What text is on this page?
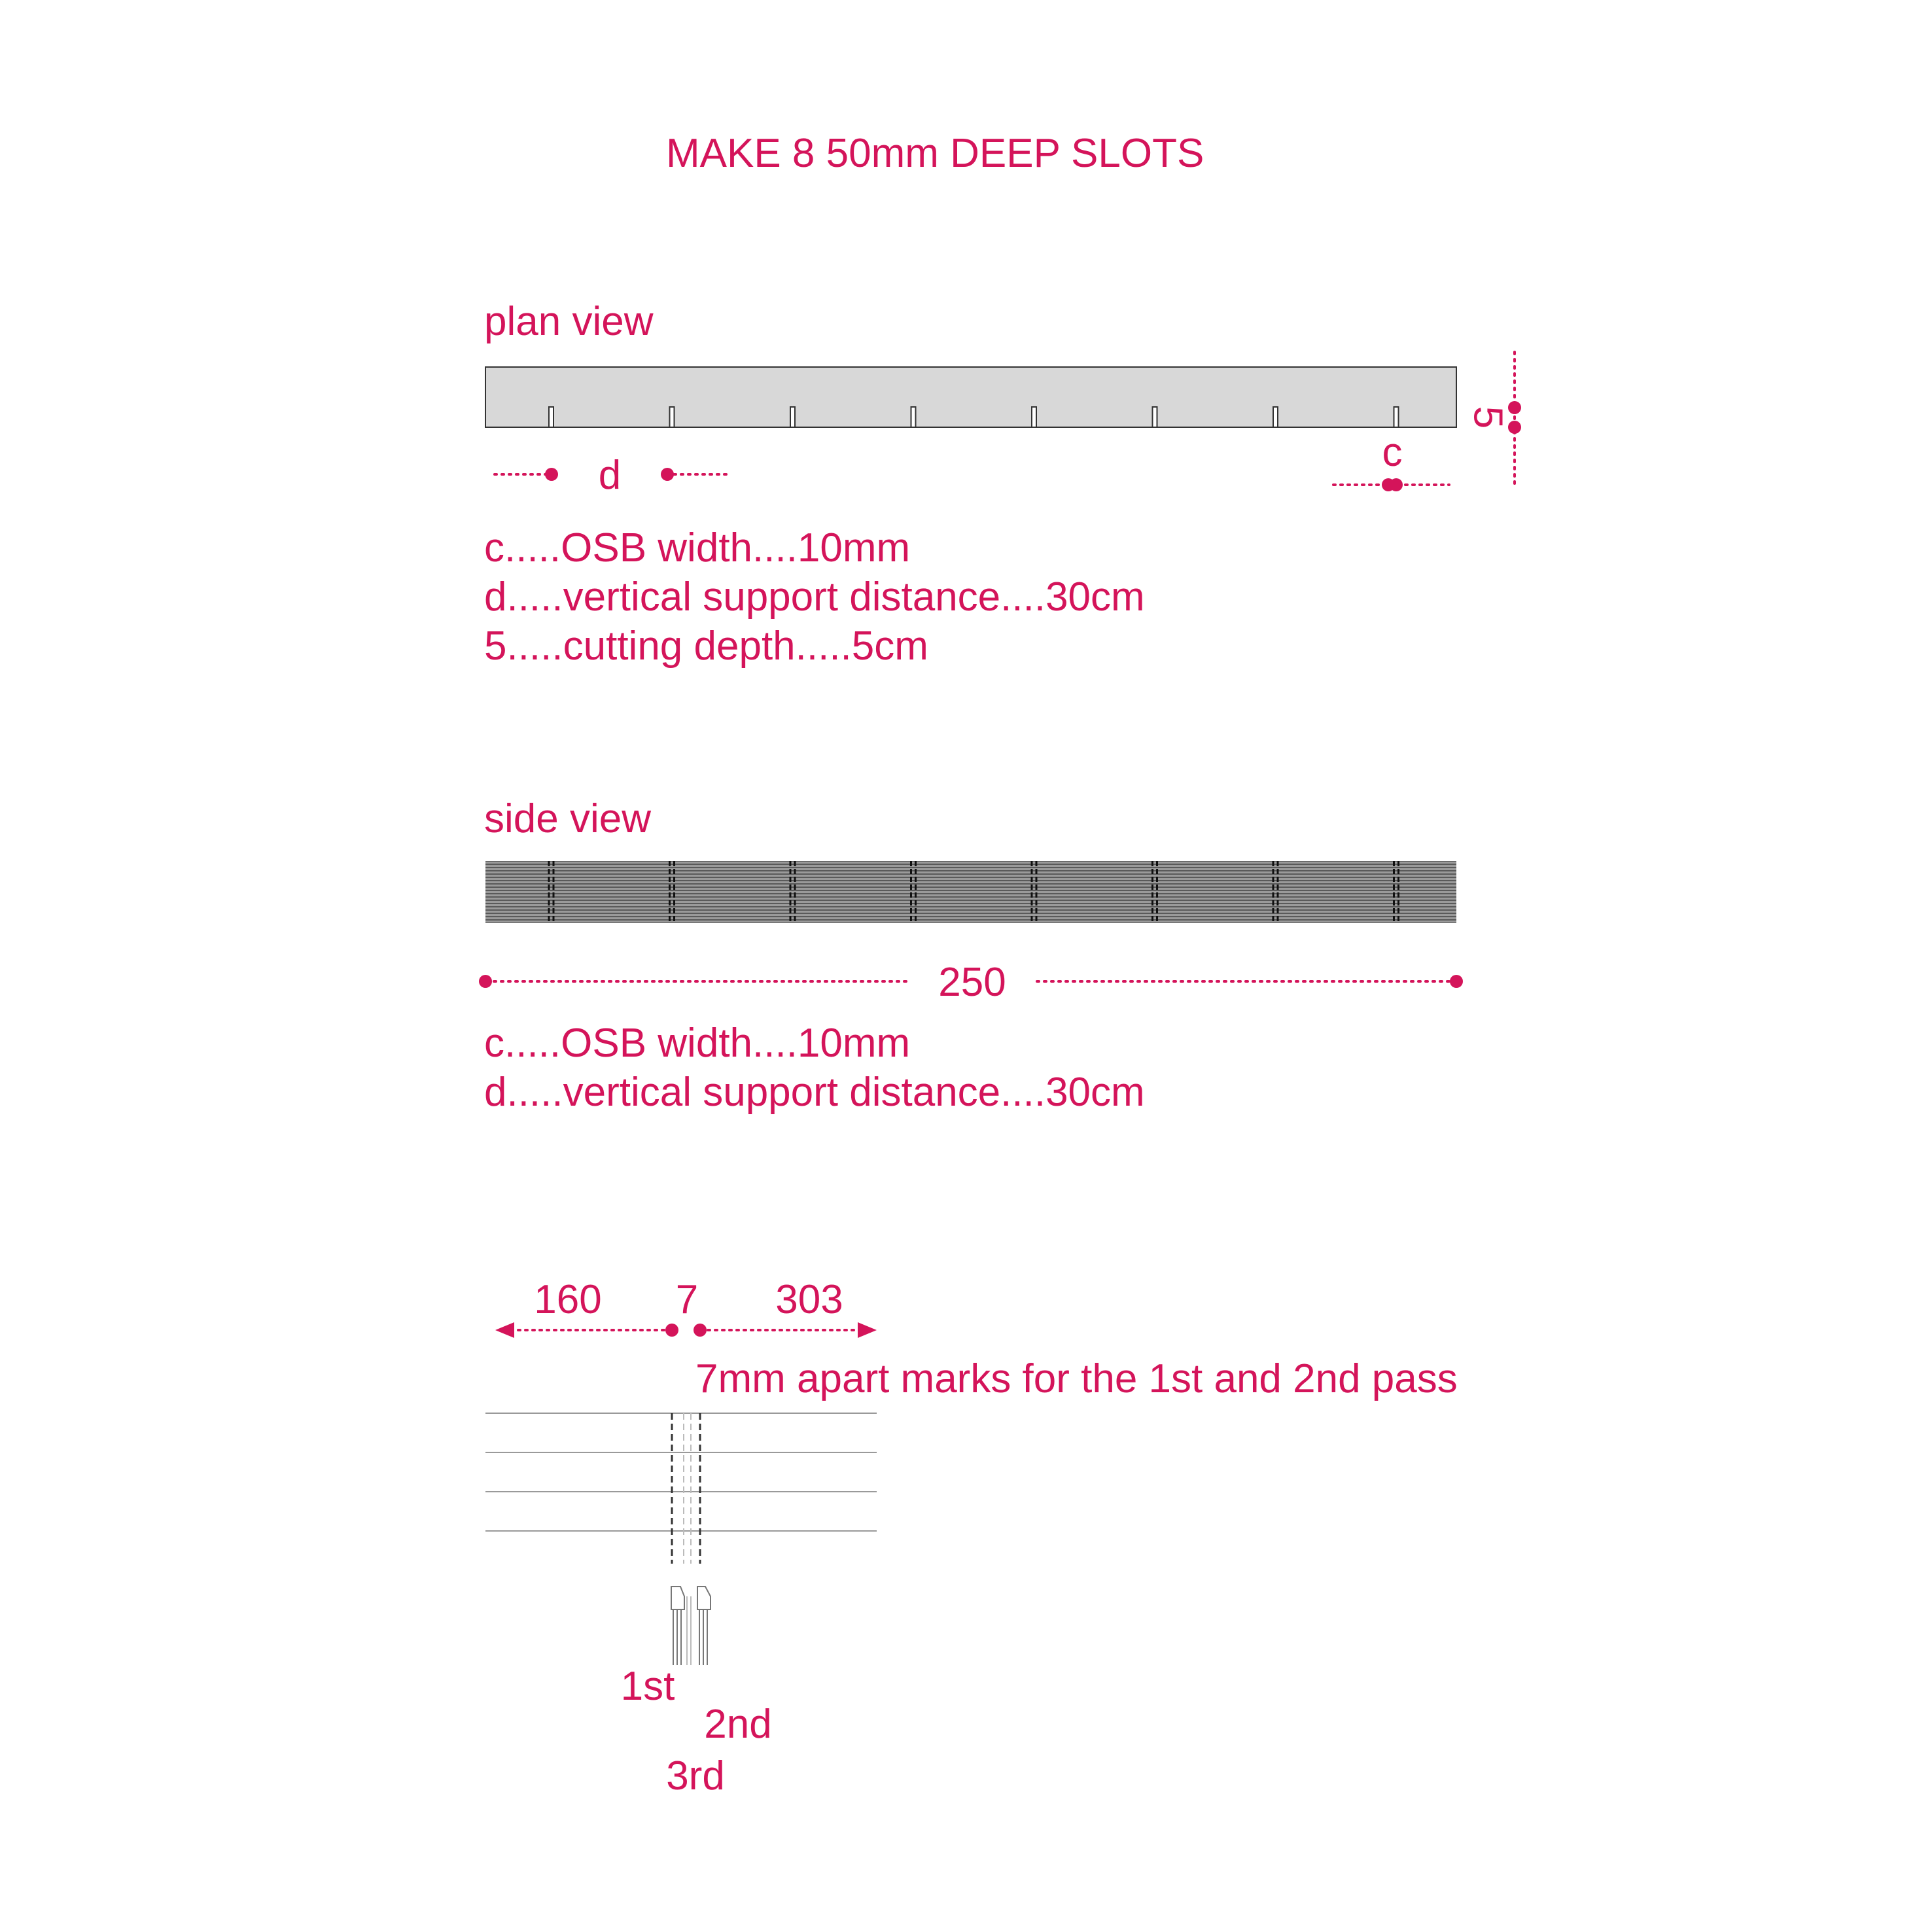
MAKE 8 50mm DEEP SLOTS
plan view
d
c
5
c.....OSB width....10mm
d.....vertical support distance....30cm
5.....cutting depth.....5cm
side view
250
c.....OSB width....10mm
d.....vertical support distance....30cm
160 7 303
7mm apart marks for the 1st and 2nd pass
1st
2nd
3rd
